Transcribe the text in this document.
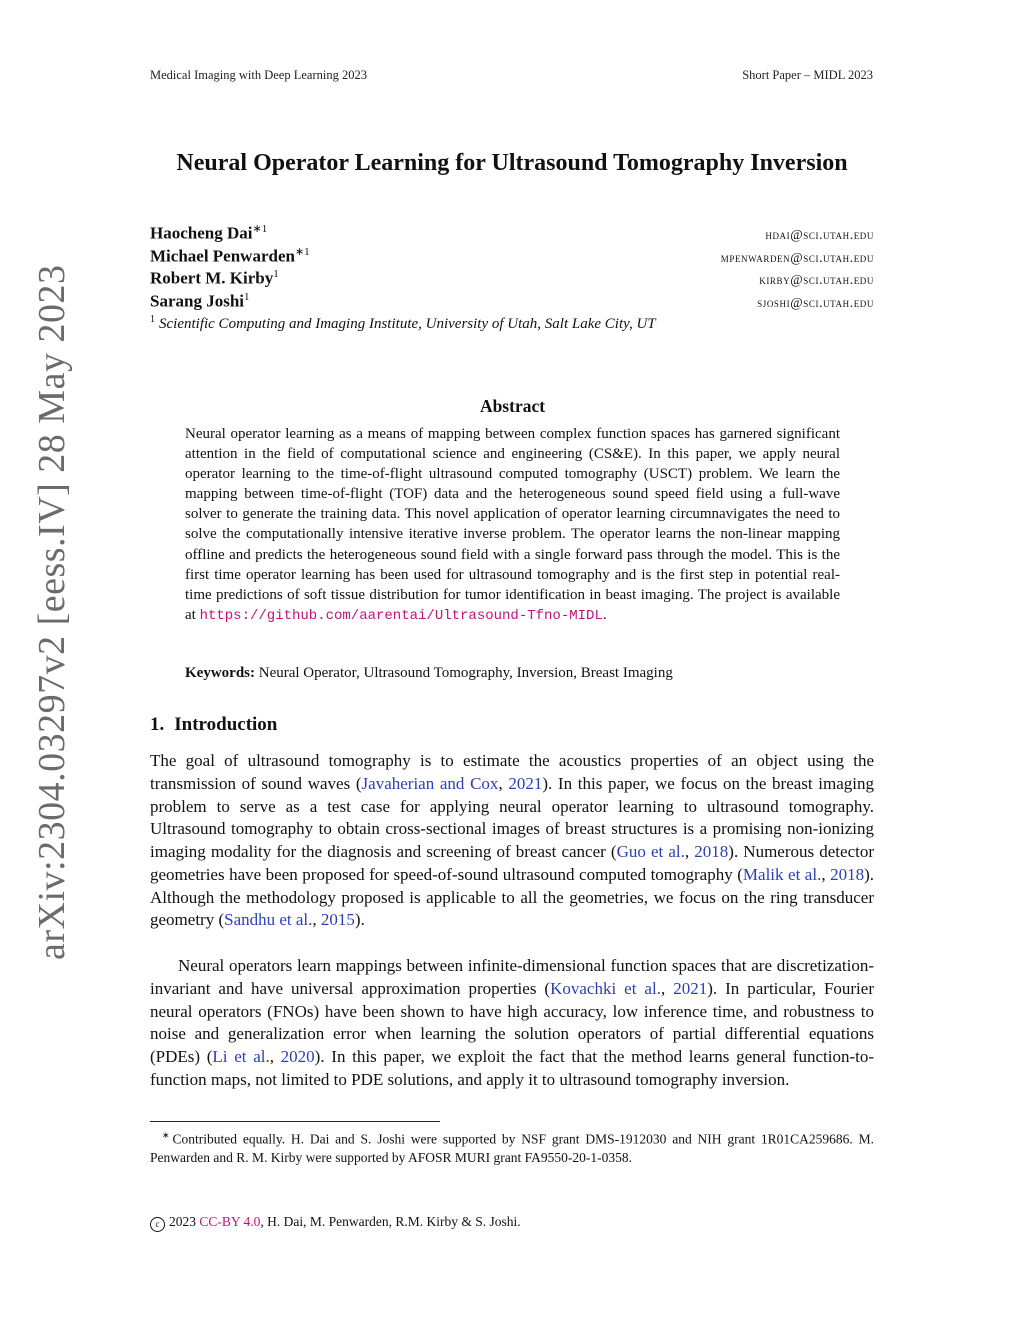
Medical Imaging with Deep Learning 2023	Short Paper – MIDL 2023
arXiv:2304.03297v2 [eess.IV] 28 May 2023
Neural Operator Learning for Ultrasound Tomography Inversion
Haocheng Dai$^{∗1}$	hdai@sci.utah.edu
Michael Penwarden$^{∗1}$	mpenwarden@sci.utah.edu
Robert M. Kirby$^1$	kirby@sci.utah.edu
Sarang Joshi$^1$	sjoshi@sci.utah.edu
$^1$ Scientific Computing and Imaging Institute, University of Utah, Salt Lake City, UT
Abstract
Neural operator learning as a means of mapping between complex function spaces has garnered significant attention in the field of computational science and engineering (CS&E). In this paper, we apply neural operator learning to the time-of-flight ultrasound computed tomography (USCT) problem. We learn the mapping between time-of-flight (TOF) data and the heterogeneous sound speed field using a full-wave solver to generate the training data. This novel application of operator learning circumnavigates the need to solve the computationally intensive iterative inverse problem. The operator learns the non-linear mapping offline and predicts the heterogeneous sound field with a single forward pass through the model. This is the first time operator learning has been used for ultrasound tomography and is the first step in potential real-time predictions of soft tissue distribution for tumor identification in beast imaging. The project is available at https://github.com/aarentai/Ultrasound-Tfno-MIDL.
Keywords: Neural Operator, Ultrasound Tomography, Inversion, Breast Imaging
1. Introduction
The goal of ultrasound tomography is to estimate the acoustics properties of an object using the transmission of sound waves (Javaherian and Cox, 2021). In this paper, we focus on the breast imaging problem to serve as a test case for applying neural operator learning to ultrasound tomography. Ultrasound tomography to obtain cross-sectional images of breast structures is a promising non-ionizing imaging modality for the diagnosis and screening of breast cancer (Guo et al., 2018). Numerous detector geometries have been proposed for speed-of-sound ultrasound computed tomography (Malik et al., 2018). Although the methodology proposed is applicable to all the geometries, we focus on the ring transducer geometry (Sandhu et al., 2015).
Neural operators learn mappings between infinite-dimensional function spaces that are discretization-invariant and have universal approximation properties (Kovachki et al., 2021). In particular, Fourier neural operators (FNOs) have been shown to have high accuracy, low inference time, and robustness to noise and generalization error when learning the solution operators of partial differential equations (PDEs) (Li et al., 2020). In this paper, we exploit the fact that the method learns general function-to-function maps, not limited to PDE solutions, and apply it to ultrasound tomography inversion.
∗ Contributed equally. H. Dai and S. Joshi were supported by NSF grant DMS-1912030 and NIH grant 1R01CA259686. M. Penwarden and R. M. Kirby were supported by AFOSR MURI grant FA9550-20-1-0358.
c 2023 CC-BY 4.0, H. Dai, M. Penwarden, R.M. Kirby & S. Joshi.
